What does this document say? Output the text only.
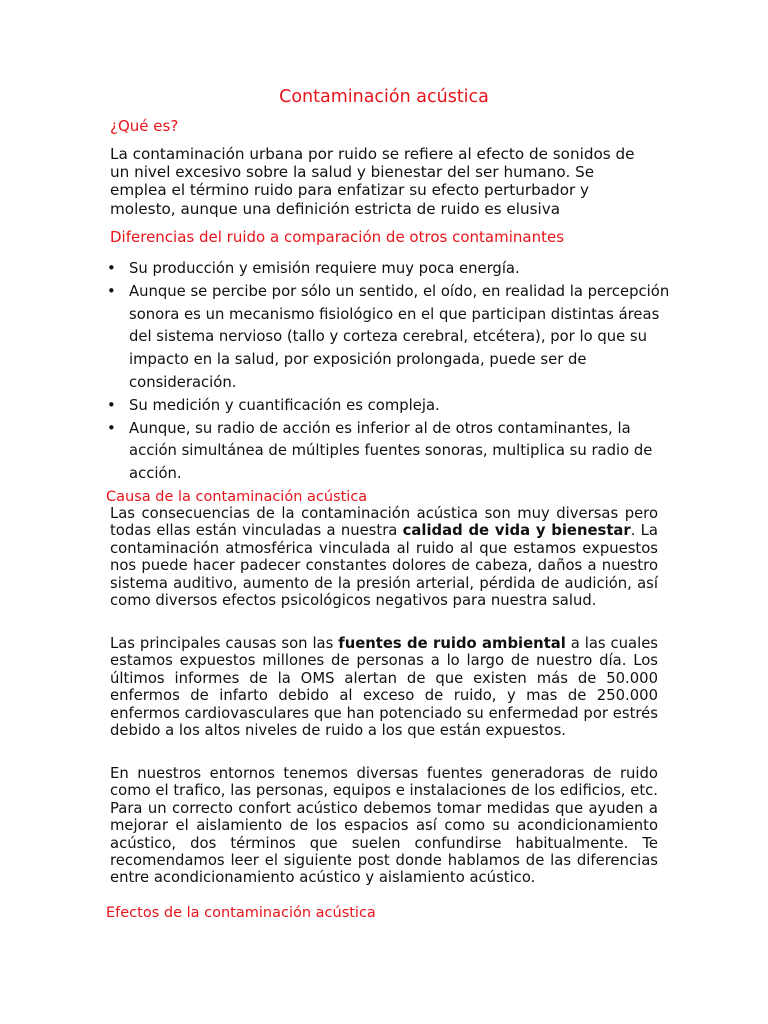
Contaminación acústica
¿Qué es?

La contaminación urbana por ruido se refiere al efecto de sonidos de un nivel excesivo sobre la salud y bienestar del ser humano. Se emplea el término ruido para enfatizar su efecto perturbador y molesto, aunque una definición estricta de ruido es elusiva

Diferencias del ruido a comparación de otros contaminantes
• Su producción y emisión requiere muy poca energía.
• Aunque se percibe por sólo un sentido, el oído, en realidad la percepción sonora es un mecanismo fisiológico en el que participan distintas áreas del sistema nervioso (tallo y corteza cerebral, etcétera), por lo que su impacto en la salud, por exposición prolongada, puede ser de consideración.
• Su medición y cuantificación es compleja.
• Aunque, su radio de acción es inferior al de otros contaminantes, la acción simultánea de múltiples fuentes sonoras, multiplica su radio de acción.
Causa de la contaminación acústica

Las consecuencias de la contaminación acústica son muy diversas pero todas ellas están vinculadas a nuestra calidad de vida y bienestar. La contaminación atmosférica vinculada al ruido al que estamos expuestos nos puede hacer padecer constantes dolores de cabeza, daños a nuestro sistema auditivo, aumento de la presión arterial, pérdida de audición, así como diversos efectos psicológicos negativos para nuestra salud.

Las principales causas son las fuentes de ruido ambiental a las cuales estamos expuestos millones de personas a lo largo de nuestro día. Los últimos informes de la OMS alertan de que existen más de 50.000 enfermos de infarto debido al exceso de ruido, y mas de 250.000 enfermos cardiovasculares que han potenciado su enfermedad por estrés debido a los altos niveles de ruido a los que están expuestos.

En nuestros entornos tenemos diversas fuentes generadoras de ruido como el trafico, las personas, equipos e instalaciones de los edificios, etc. Para un correcto confort acústico debemos tomar medidas que ayuden a mejorar el aislamiento de los espacios así como su acondicionamiento acústico, dos términos que suelen confundirse habitualmente. Te recomendamos leer el siguiente post donde hablamos de las diferencias entre acondicionamiento acústico y aislamiento acústico.

Efectos de la contaminación acústica
